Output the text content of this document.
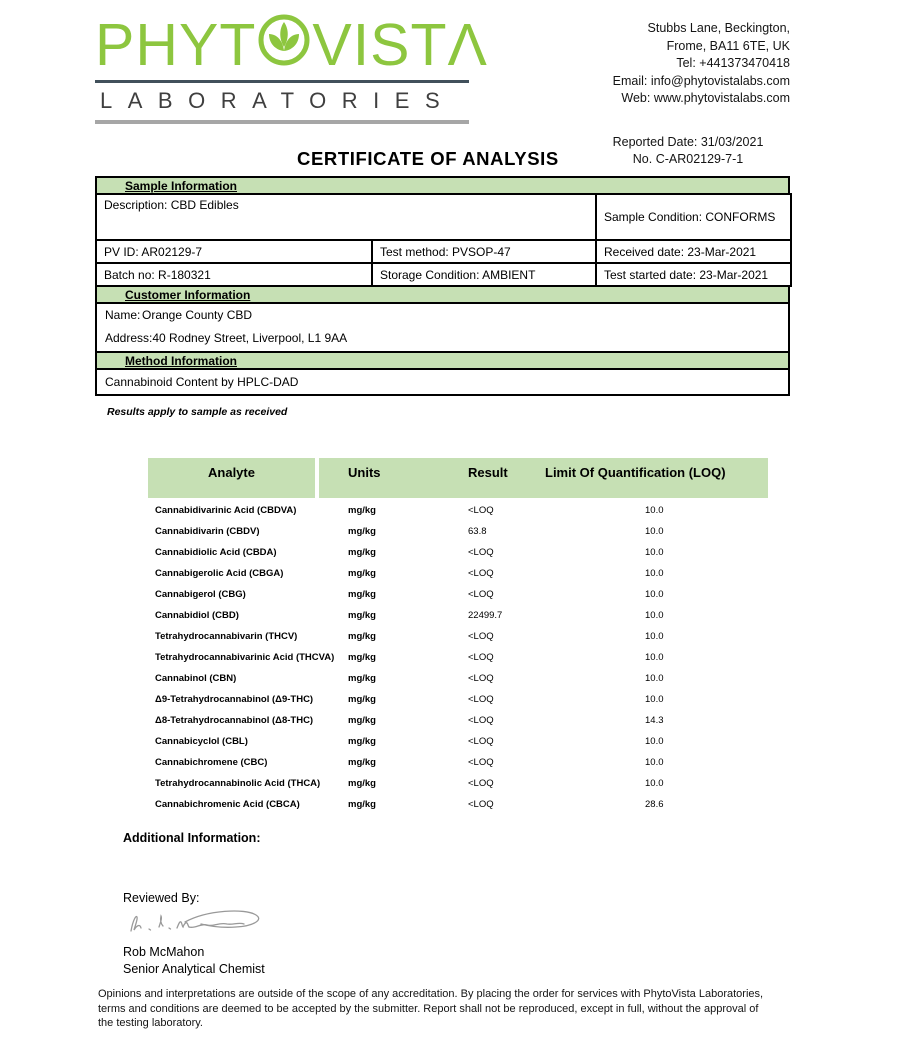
PHYT VISTΛ
LABORATORIES
Stubbs Lane, Beckington,
Frome, BA11 6TE, UK
Tel: +441373470418
Email: info@phytovistalabs.com
Web: www.phytovistalabs.com
Reported Date: 31/03/2021
No. C-AR02129-7-1
CERTIFICATE OF ANALYSIS
Sample Information
Description: CBD Edibles		Sample Condition: CONFORMS
PV ID: AR02129-7	Test method: PVSOP-47	Received date: 23-Mar-2021
Batch no: R-180321	Storage Condition: AMBIENT	Test started date: 23-Mar-2021
Customer Information
Name: Orange County CBD
Address: 40 Rodney Street, Liverpool, L1 9AA
Method Information
Cannabinoid Content by HPLC-DAD
Results apply to sample as received
Analyte	Units	Result	Limit Of Quantification (LOQ)
Cannabidivarinic Acid (CBDVA)	mg/kg	<LOQ	10.0
Cannabidivarin (CBDV)	mg/kg	63.8	10.0
Cannabidiolic Acid (CBDA)	mg/kg	<LOQ	10.0
Cannabigerolic Acid (CBGA)	mg/kg	<LOQ	10.0
Cannabigerol (CBG)	mg/kg	<LOQ	10.0
Cannabidiol (CBD)	mg/kg	22499.7	10.0
Tetrahydrocannabivarin (THCV)	mg/kg	<LOQ	10.0
Tetrahydrocannabivarinic Acid (THCVA)	mg/kg	<LOQ	10.0
Cannabinol (CBN)	mg/kg	<LOQ	10.0
Δ9-Tetrahydrocannabinol (Δ9-THC)	mg/kg	<LOQ	10.0
Δ8-Tetrahydrocannabinol (Δ8-THC)	mg/kg	<LOQ	14.3
Cannabicyclol (CBL)	mg/kg	<LOQ	10.0
Cannabichromene (CBC)	mg/kg	<LOQ	10.0
Tetrahydrocannabinolic Acid (THCA)	mg/kg	<LOQ	10.0
Cannabichromenic Acid (CBCA)	mg/kg	<LOQ	28.6
Additional Information:
Reviewed By:
Rob McMahon
Senior Analytical Chemist
Opinions and interpretations are outside of the scope of any accreditation. By placing the order for services with PhytoVista Laboratories,
terms and conditions are deemed to be accepted by the submitter. Report shall not be reproduced, except in full, without the approval of
the testing laboratory.
